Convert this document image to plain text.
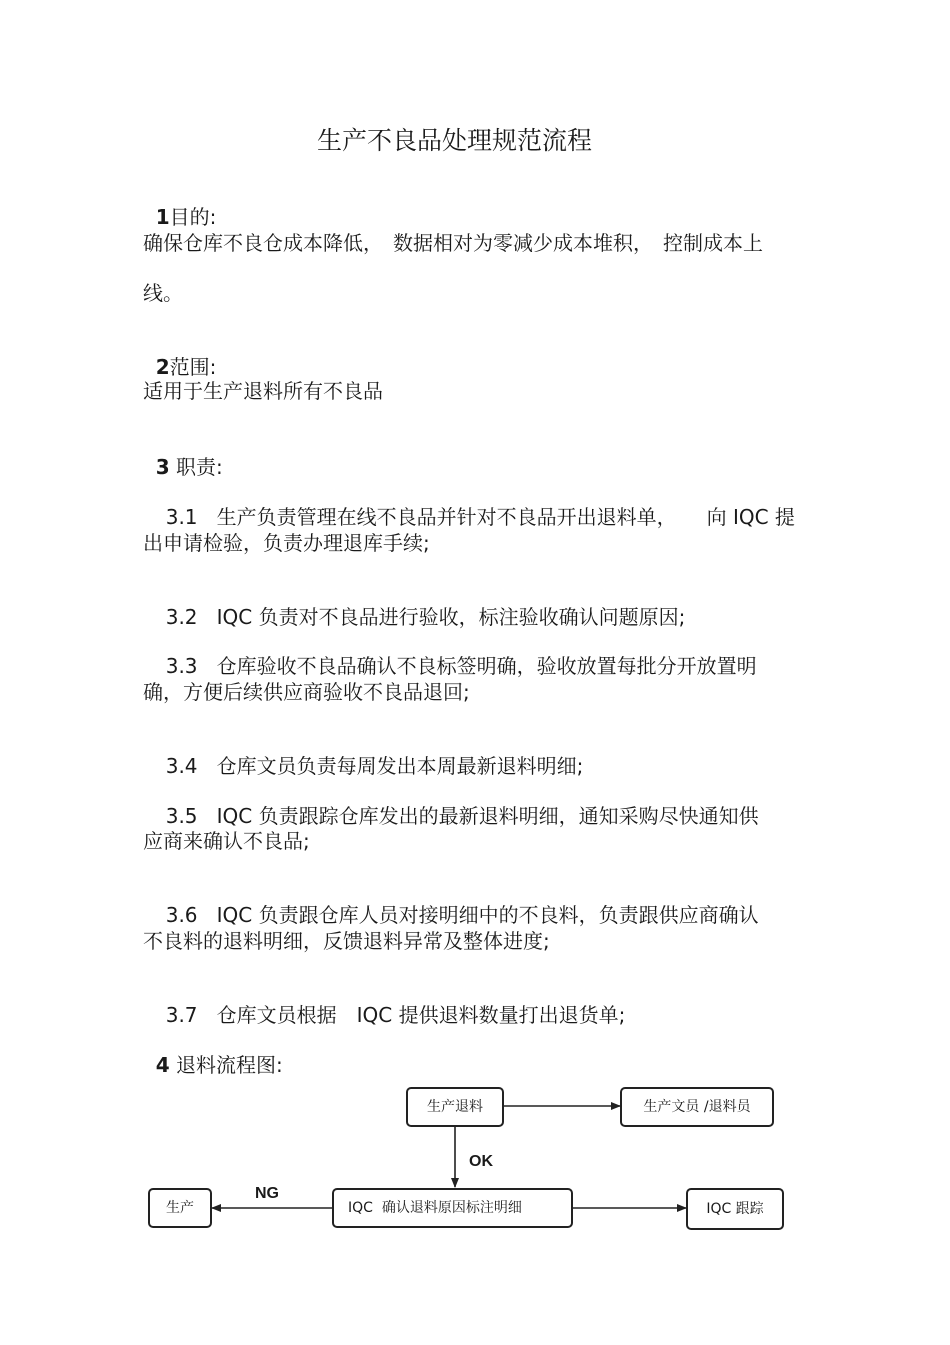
生产不良品处理规范流程

1目的:

确保仓库不良仓成本降低，　数据相对为零减少成本堆积，　控制成本上
线。

2范围:

适用于生产退料所有不良品

3 职责:

3.1 生产负责管理在线不良品并针对不良品开出退料单，　　向 IQC 提

出申请检验，负责办理退库手续;

3.2 IQC 负责对不良品进行验收，标注验收确认问题原因;

3.3 仓库验收不良品确认不良标签明确，验收放置每批分开放置明

确，方便后续供应商验收不良品退回;

3.4 仓库文员负责每周发出本周最新退料明细;

3.5 IQC 负责跟踪仓库发出的最新退料明细，通知采购尽快通知供

应商来确认不良品;

3.6 IQC 负责跟仓库人员对接明细中的不良料，负责跟供应商确认

不良料的退料明细，反馈退料异常及整体进度;

3.7 仓库文员根据　IQC 提供退料数量打出退货单;

4 退料流程图:

生产退料	生产文员 /退料员
IQC  确认退料原因标注明细
生产	IQC 跟踪
OK
NG
